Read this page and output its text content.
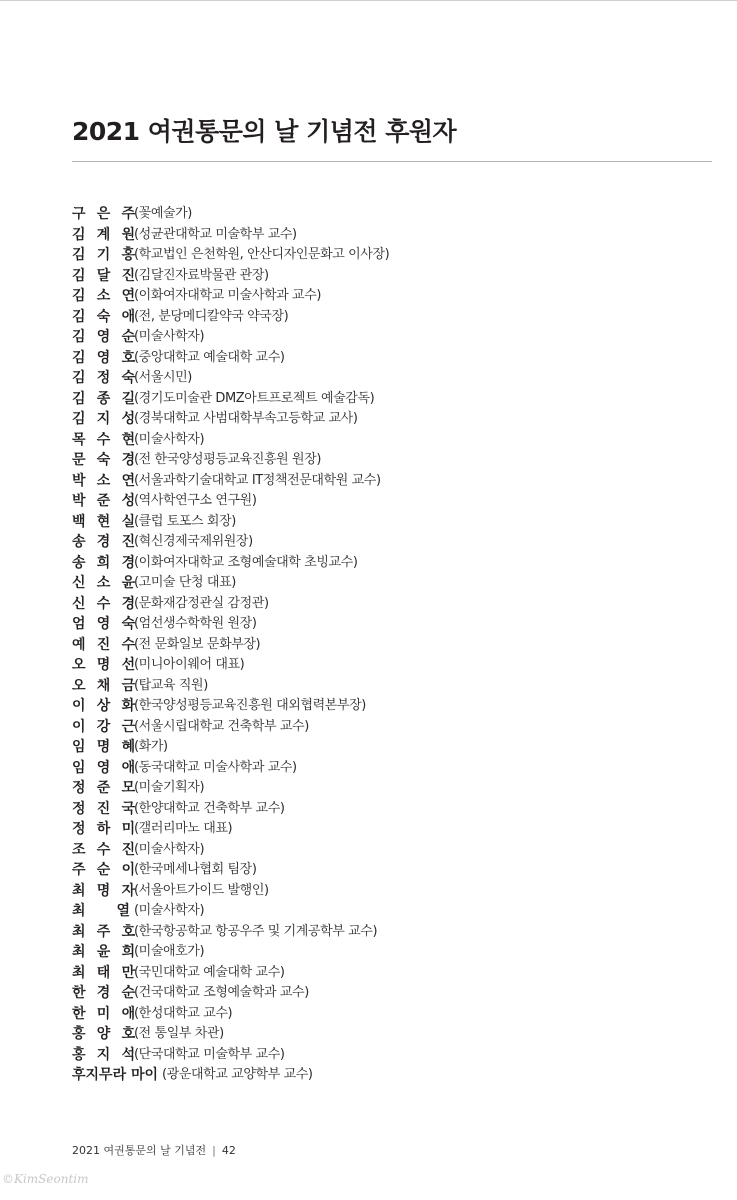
2021 여권통문의 날 기념전 후원자
구 은 주
(꽃예술가)
김 계 원
(성균관대학교 미술학부 교수)
김 기 홍
(학교법인 은천학원, 안산디자인문화고 이사장)
김 달 진
(김달진자료박물관 관장)
김 소 연
(이화여자대학교 미술사학과 교수)
김 숙 애
(전, 분당메디칼약국 약국장)
김 영 순
(미술사학자)
김 영 호
(중앙대학교 예술대학 교수)
김 정 숙
(서울시민)
김 종 길
(경기도미술관 DMZ아트프로젝트 예술감독)
김 지 성
(경북대학교 사범대학부속고등학교 교사)
목 수 현
(미술사학자)
문 숙 경
(전 한국양성평등교육진흥원 원장)
박 소 연
(서울과학기술대학교 IT정책전문대학원 교수)
박 준 성
(역사학연구소 연구원)
백 현 실
(클럽 토포스 회장)
송 경 진
(혁신경제국제위원장)
송 희 경
(이화여자대학교 조형예술대학 초빙교수)
신 소 윤
(고미술 단청 대표)
신 수 경
(문화재감정관실 감정관)
엄 영 숙
(엄선생수학학원 원장)
예 진 수
(전 문화일보 문화부장)
오 명 선
(미니아이웨어 대표)
오 채 금
(탑교육 직원)
이 상 화
(한국양성평등교육진흥원 대외협력본부장)
이 강 근
(서울시립대학교 건축학부 교수)
임 명 혜
(화가)
임 영 애
(동국대학교 미술사학과 교수)
정 준 모
(미술기획자)
정 진 국
(한양대학교 건축학부 교수)
정 하 미
(갤러리마노 대표)
조 수 진
(미술사학자)
주 순 이
(한국메세나협회 팀장)
최 명 자
(서울아트가이드 발행인)
최 열 (미술사학자)
최 주 호
(한국항공학교 항공우주 및 기계공학부 교수)
최 윤 희
(미술애호가)
최 태 만
(국민대학교 예술대학 교수)
한 경 순
(건국대학교 조형예술학과 교수)
한 미 애
(한성대학교 교수)
홍 양 호
(전 통일부 차관)
홍 지 석
(단국대학교 미술학부 교수)
후지무라 마이 (광운대학교 교양학부 교수)
2021 여권통문의 날 기념전 | 42
©KimSeontim
